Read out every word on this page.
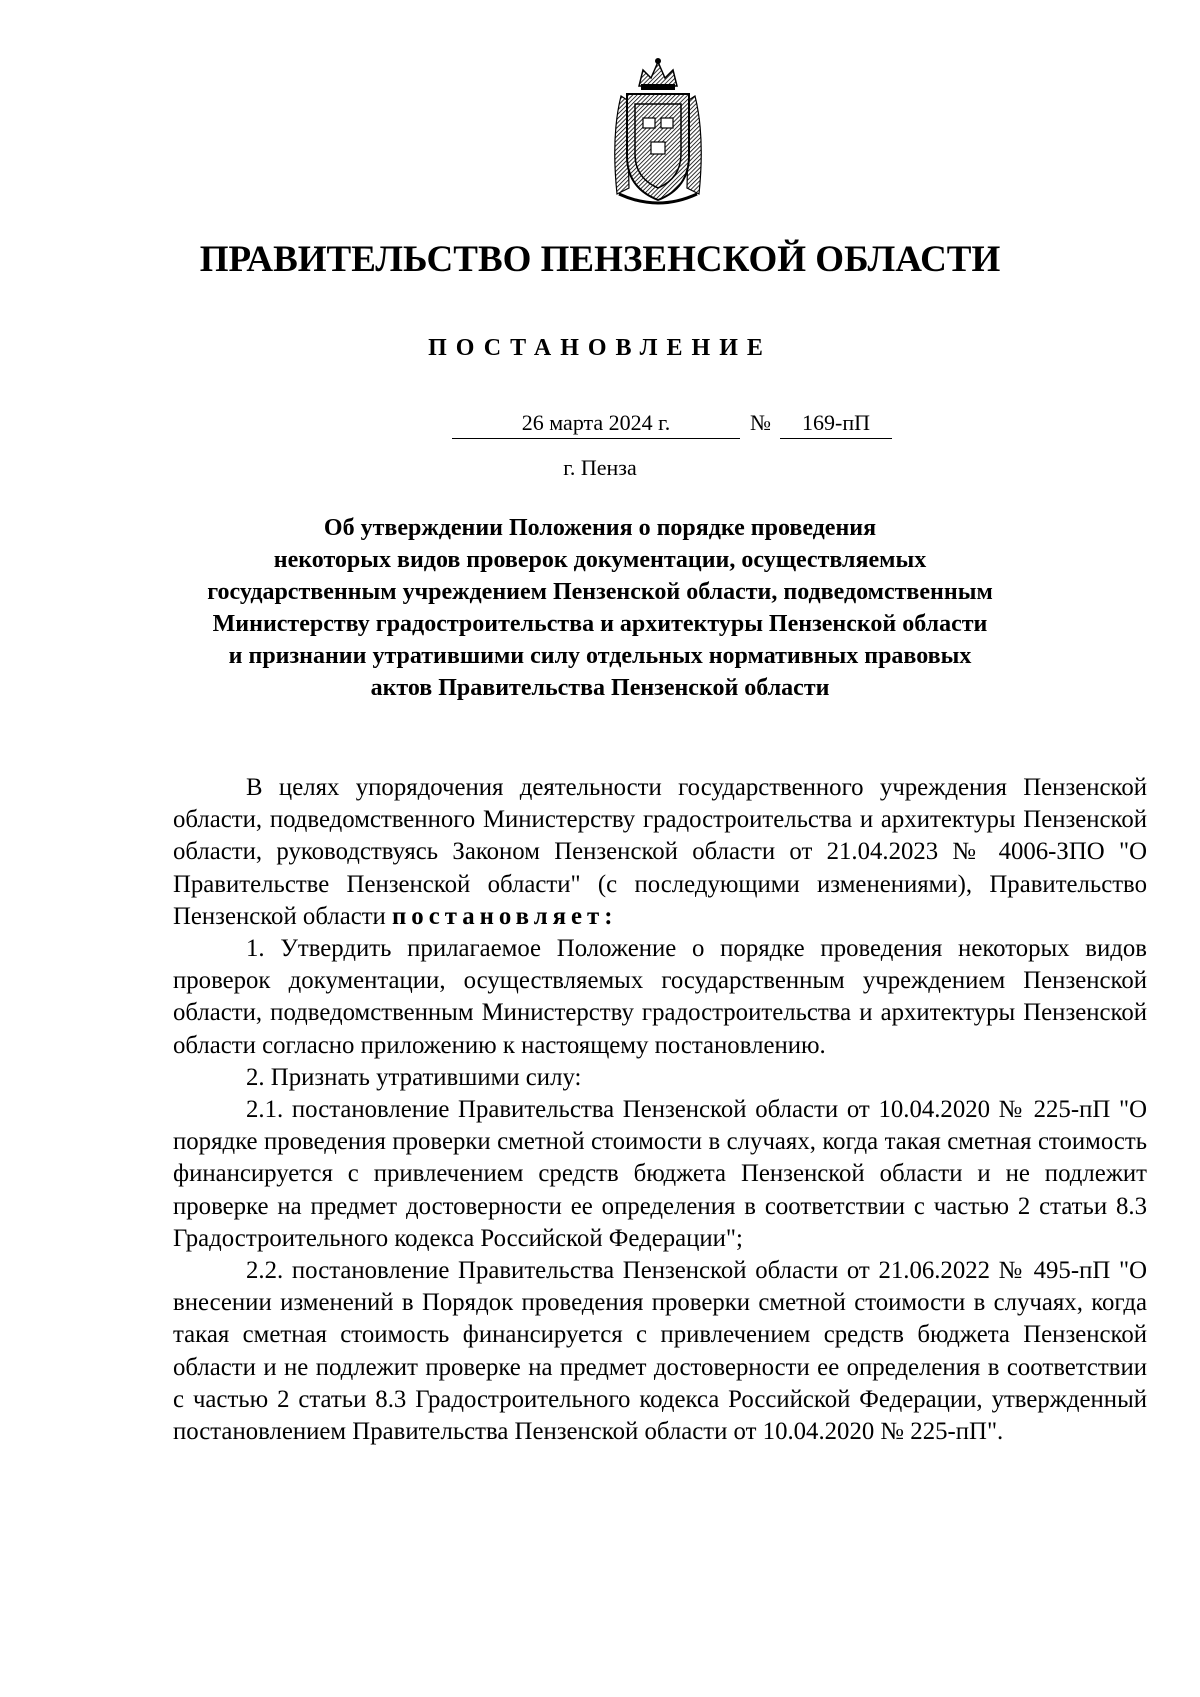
ПРАВИТЕЛЬСТВО ПЕНЗЕНСКОЙ ОБЛАСТИ
ПОСТАНОВЛЕНИЕ
26 марта 2024 г.	№	169-пП
г. Пенза
Об утверждении Положения о порядке проведения
некоторых видов проверок документации, осуществляемых
государственным учреждением Пензенской области, подведомственным
Министерству градостроительства и архитектуры Пензенской области
и признании утратившими силу отдельных нормативных правовых
актов Правительства Пензенской области

В целях упорядочения деятельности государственного учреждения Пензенской области, подведомственного Министерству градостроительства и архитектуры Пензенской области, руководствуясь Законом Пензенской области от 21.04.2023 № 4006-ЗПО "О Правительстве Пензенской области" (с последующими изменениями), Правительство Пензенской области постановляет:

1. Утвердить прилагаемое Положение о порядке проведения некоторых видов проверок документации, осуществляемых государственным учреждением Пензенской области, подведомственным Министерству градостроительства и архитектуры Пензенской области согласно приложению к настоящему постановлению.

2. Признать утратившими силу:

2.1. постановление Правительства Пензенской области от 10.04.2020 № 225-пП "О порядке проведения проверки сметной стоимости в случаях, когда такая сметная стоимость финансируется с привлечением средств бюджета Пензенской области и не подлежит проверке на предмет достоверности ее определения в соответствии с частью 2 статьи 8.3 Градостроительного кодекса Российской Федерации";

2.2. постановление Правительства Пензенской области от 21.06.2022 № 495-пП "О внесении изменений в Порядок проведения проверки сметной стоимости в случаях, когда такая сметная стоимость финансируется с привлечением средств бюджета Пензенской области и не подлежит проверке на предмет достоверности ее определения в соответствии с частью 2 статьи 8.3 Градостроительного кодекса Российской Федерации, утвержденный постановлением Правительства Пензенской области от 10.04.2020 № 225-пП".
